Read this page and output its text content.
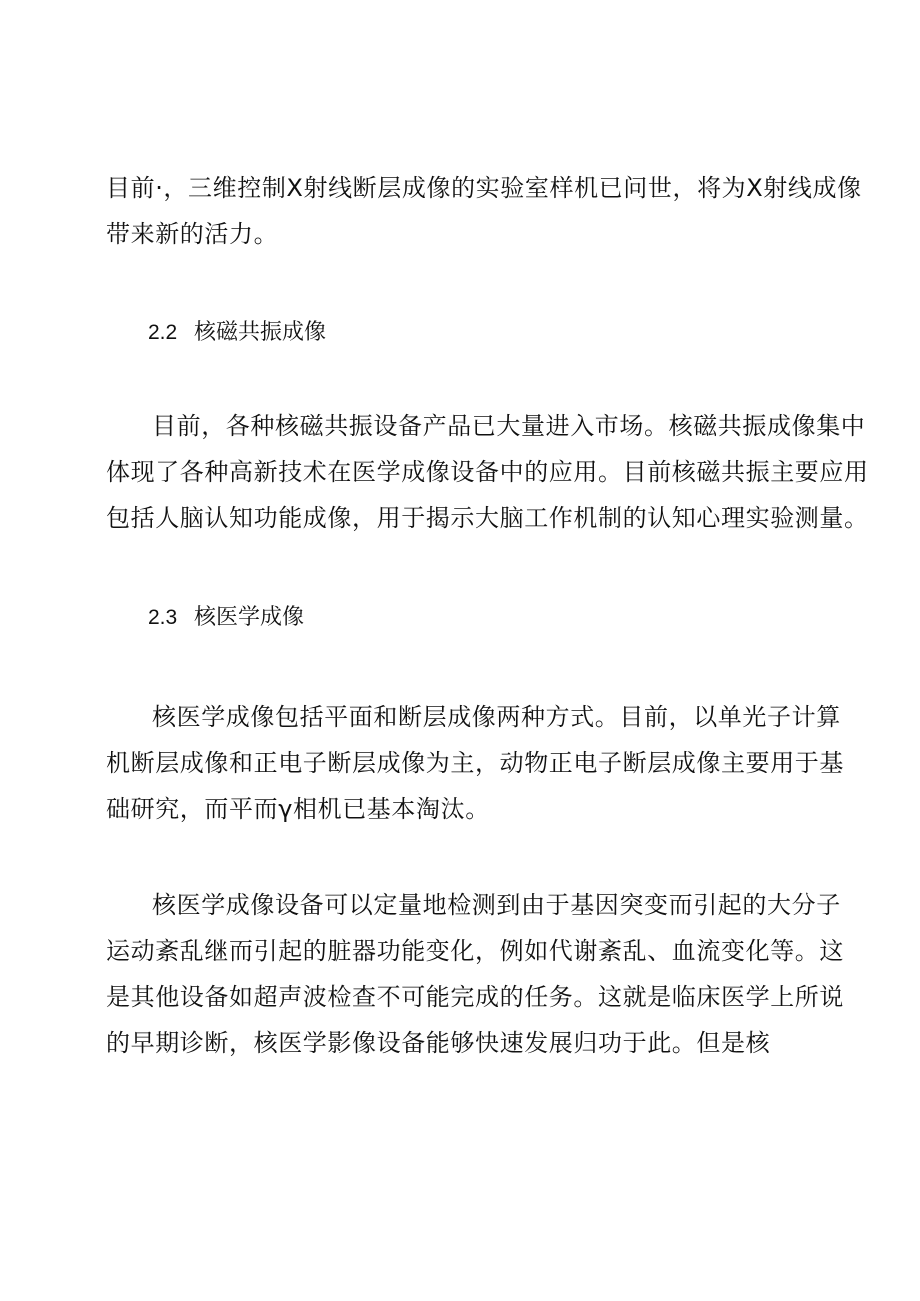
目前·，三维控制X射线断层成像的实验室样机已问世，将为X射线成像
带来新的活力。

2.2 核磁共振成像

目前，各种核磁共振设备产品已大量进入市场。核磁共振成像集中
体现了各种高新技术在医学成像设备中的应用。目前核磁共振主要应用
包括人脑认知功能成像，用于揭示大脑工作机制的认知心理实验测量。

2.3 核医学成像

核医学成像包括平面和断层成像两种方式。目前，以单光子计算
机断层成像和正电子断层成像为主，动物正电子断层成像主要用于基
础研究，而平而γ相机已基本淘汰。

核医学成像设备可以定量地检测到由于基因突变而引起的大分子
运动紊乱继而引起的脏器功能变化，例如代谢紊乱、血流变化等。这
是其他设备如超声波检查不可能完成的任务。这就是临床医学上所说
的早期诊断，核医学影像设备能够快速发展归功于此。但是核
